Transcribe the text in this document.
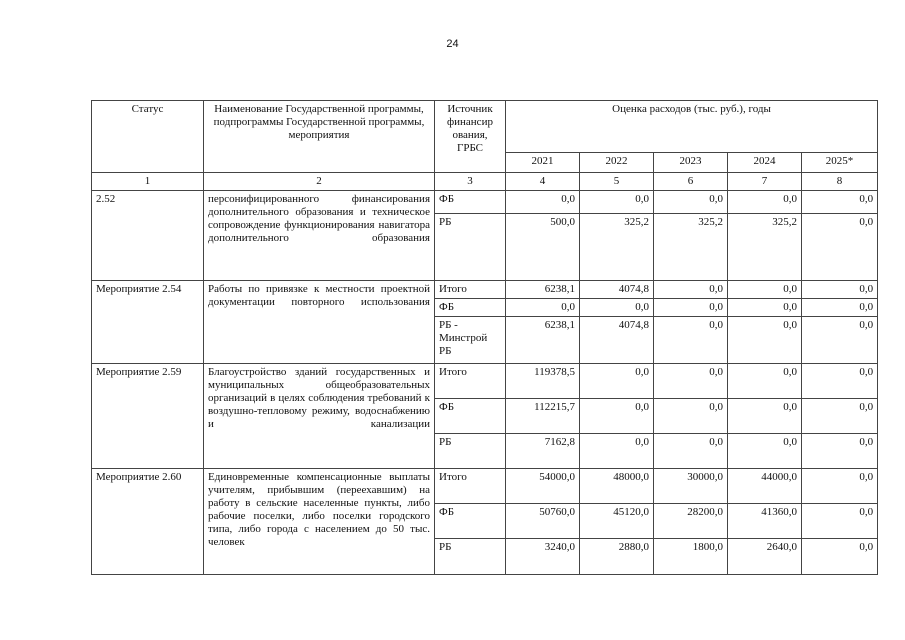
24
Статус	Наименование Государственной программы, подпрограммы Государственной программы, мероприятия	Источник финансир ования, ГРБС	Оценка расходов (тыс. руб.), годы				
			2021	2022	2023	2024	2025*
1	2	3	4	5	6	7	8
2.52	персонифицированного финансирования дополнительного образования и техническое сопровождение функционирования навигатора дополнительного образования	ФБ	0,0	0,0	0,0	0,0	0,0
		РБ	500,0	325,2	325,2	325,2	0,0
Мероприятие 2.54	Работы по привязке к местности проектной документации повторного использования	Итого	6238,1	4074,8	0,0	0,0	0,0
		ФБ	0,0	0,0	0,0	0,0	0,0
		РБ - Минстрой РБ	6238,1	4074,8	0,0	0,0	0,0
Мероприятие 2.59	Благоустройство зданий государственных и муниципальных общеобразовательных организаций в целях соблюдения требований к воздушно-тепловому режиму, водоснабжению и канализации	Итого	119378,5	0,0	0,0	0,0	0,0
		ФБ	112215,7	0,0	0,0	0,0	0,0
		РБ	7162,8	0,0	0,0	0,0	0,0
Мероприятие 2.60	Единовременные компенсационные выплаты учителям, прибывшим (переехавшим) на работу в сельские населенные пункты, либо рабочие поселки, либо поселки городского типа, либо города с населением до 50 тыс. человек	Итого	54000,0	48000,0	30000,0	44000,0	0,0
		ФБ	50760,0	45120,0	28200,0	41360,0	0,0
		РБ	3240,0	2880,0	1800,0	2640,0	0,0
